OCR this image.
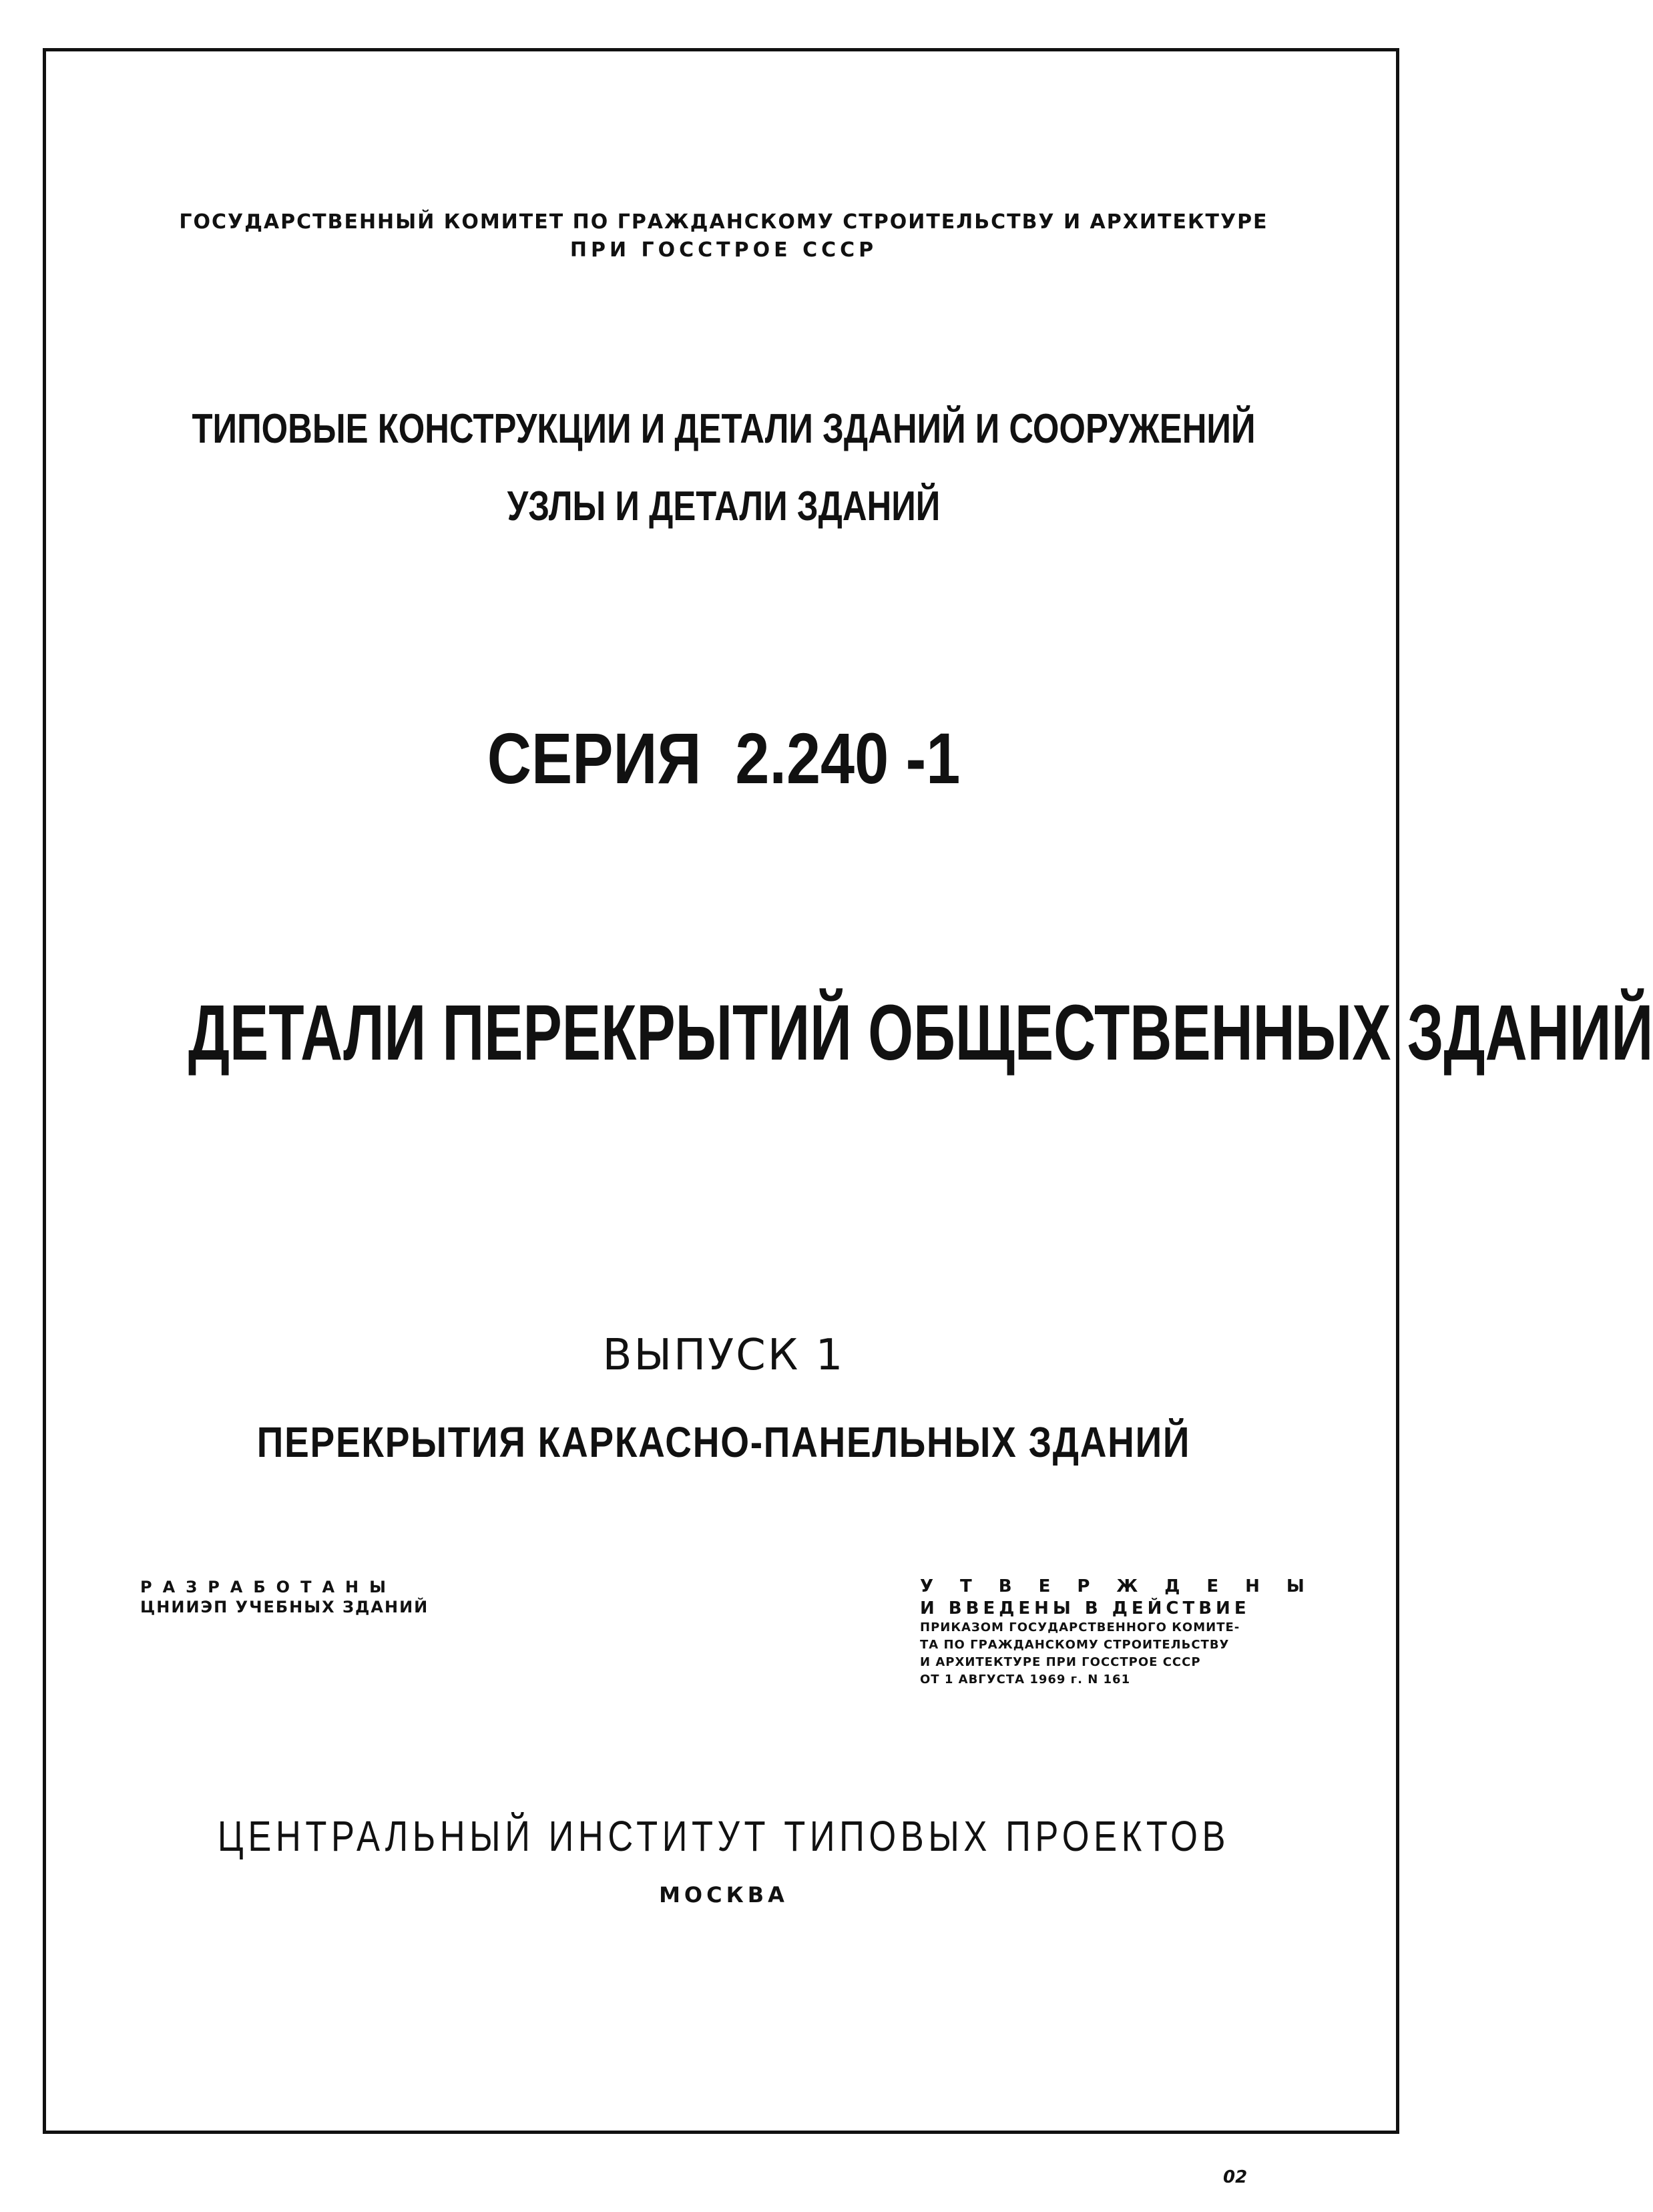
ГОСУДАРСТВЕННЫЙ КОМИТЕТ ПО ГРАЖДАНСКОМУ СТРОИТЕЛЬСТВУ И АРХИТЕКТУРЕ
ПРИ ГОССТРОЕ СССР
ТИПОВЫЕ КОНСТРУКЦИИ И ДЕТАЛИ ЗДАНИЙ И СООРУЖЕНИЙ
УЗЛЫ И ДЕТАЛИ ЗДАНИЙ
СЕРИЯ  2.240 -1
ДЕТАЛИ ПЕРЕКРЫТИЙ ОБЩЕСТВЕННЫХ ЗДАНИЙ
ВЫПУСК 1
ПЕРЕКРЫТИЯ КАРКАСНО-ПАНЕЛЬНЫХ ЗДАНИЙ
РАЗРАБОТАНЫ
ЦНИИЭП УЧЕБНЫХ ЗДАНИЙ
УТВЕРЖДЕНЫ
И ВВЕДЕНЫ В ДЕЙСТВИЕ
ПРИКАЗОМ ГОСУДАРСТВЕННОГО КОМИТЕ-
ТА ПО ГРАЖДАНСКОМУ СТРОИТЕЛЬСТВУ
И АРХИТЕКТУРЕ ПРИ ГОССТРОЕ СССР
ОТ 1 АВГУСТА 1969 г. N 161
ЦЕНТРАЛЬНЫЙ ИНСТИТУТ ТИПОВЫХ ПРОЕКТОВ
МОСКВА
02
